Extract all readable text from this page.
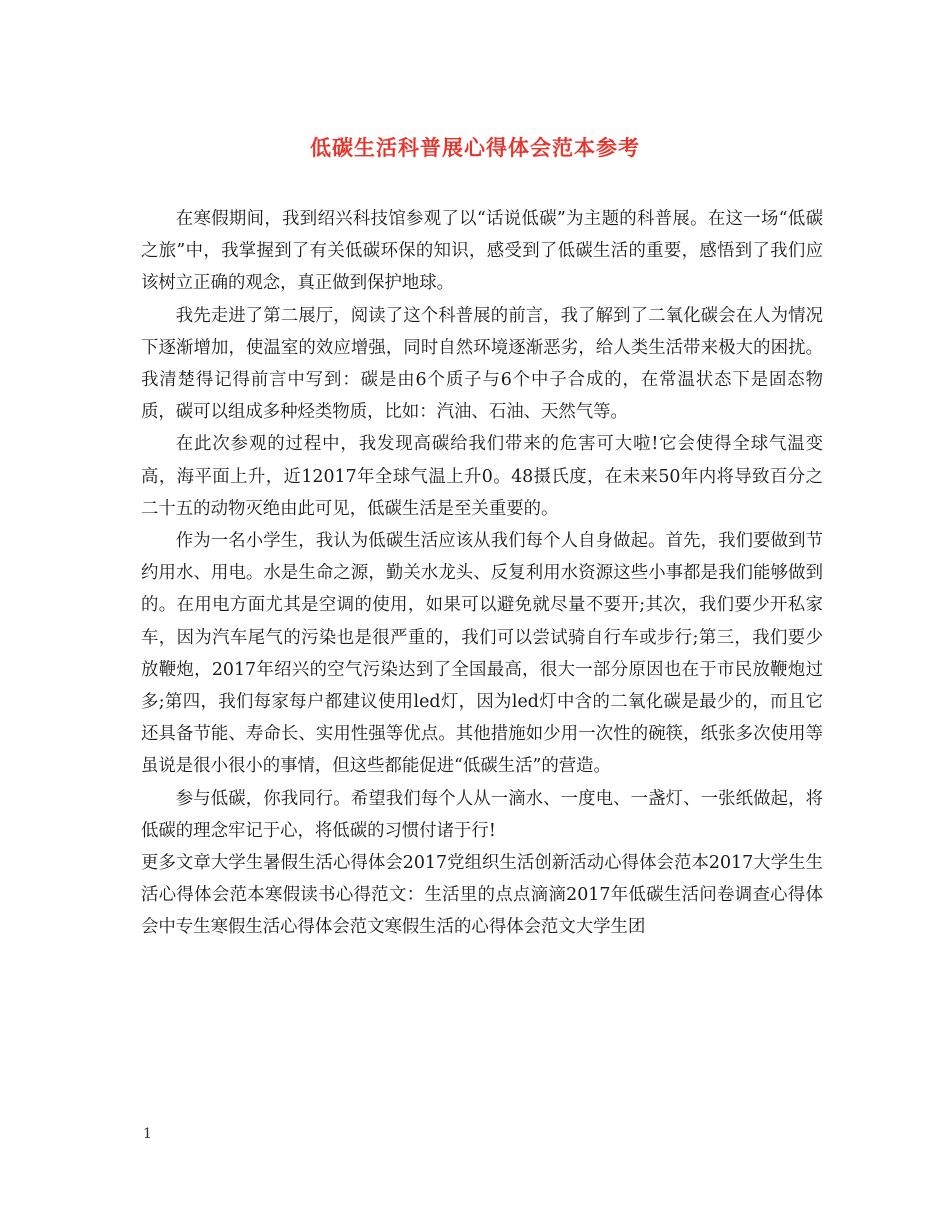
低碳生活科普展心得体会范本参考

在寒假期间，我到绍兴科技馆参观了以“话说低碳”为主题的科普展。在这一场“低碳之旅”中，我掌握到了有关低碳环保的知识，感受到了低碳生活的重要，感悟到了我们应该树立正确的观念，真正做到保护地球。

我先走进了第二展厅，阅读了这个科普展的前言，我了解到了二氧化碳会在人为情况下逐渐增加，使温室的效应增强，同时自然环境逐渐恶劣，给人类生活带来极大的困扰。我清楚得记得前言中写到：碳是由6个质子与6个中子合成的，在常温状态下是固态物质，碳可以组成多种烃类物质，比如：汽油、石油、天然气等。

在此次参观的过程中，我发现高碳给我们带来的危害可大啦!它会使得全球气温变高，海平面上升，近12017年全球气温上升0。48摄氏度，在未来50年内将导致百分之二十五的动物灭绝由此可见，低碳生活是至关重要的。

作为一名小学生，我认为低碳生活应该从我们每个人自身做起。首先，我们要做到节约用水、用电。水是生命之源，勤关水龙头、反复利用水资源这些小事都是我们能够做到的。在用电方面尤其是空调的使用，如果可以避免就尽量不要开;其次，我们要少开私家车，因为汽车尾气的污染也是很严重的，我们可以尝试骑自行车或步行;第三，我们要少放鞭炮，2017年绍兴的空气污染达到了全国最高，很大一部分原因也在于市民放鞭炮过多;第四，我们每家每户都建议使用led灯，因为led灯中含的二氧化碳是最少的，而且它还具备节能、寿命长、实用性强等优点。其他措施如少用一次性的碗筷，纸张多次使用等虽说是很小很小的事情，但这些都能促进“低碳生活”的营造。

参与低碳，你我同行。希望我们每个人从一滴水、一度电、一盏灯、一张纸做起，将低碳的理念牢记于心，将低碳的习惯付诸于行!

更多文章大学生暑假生活心得体会2017党组织生活创新活动心得体会范本2017大学生生活心得体会范本寒假读书心得范文：生活里的点点滴滴2017年低碳生活问卷调查心得体会中专生寒假生活心得体会范文寒假生活的心得体会范文大学生团

1
